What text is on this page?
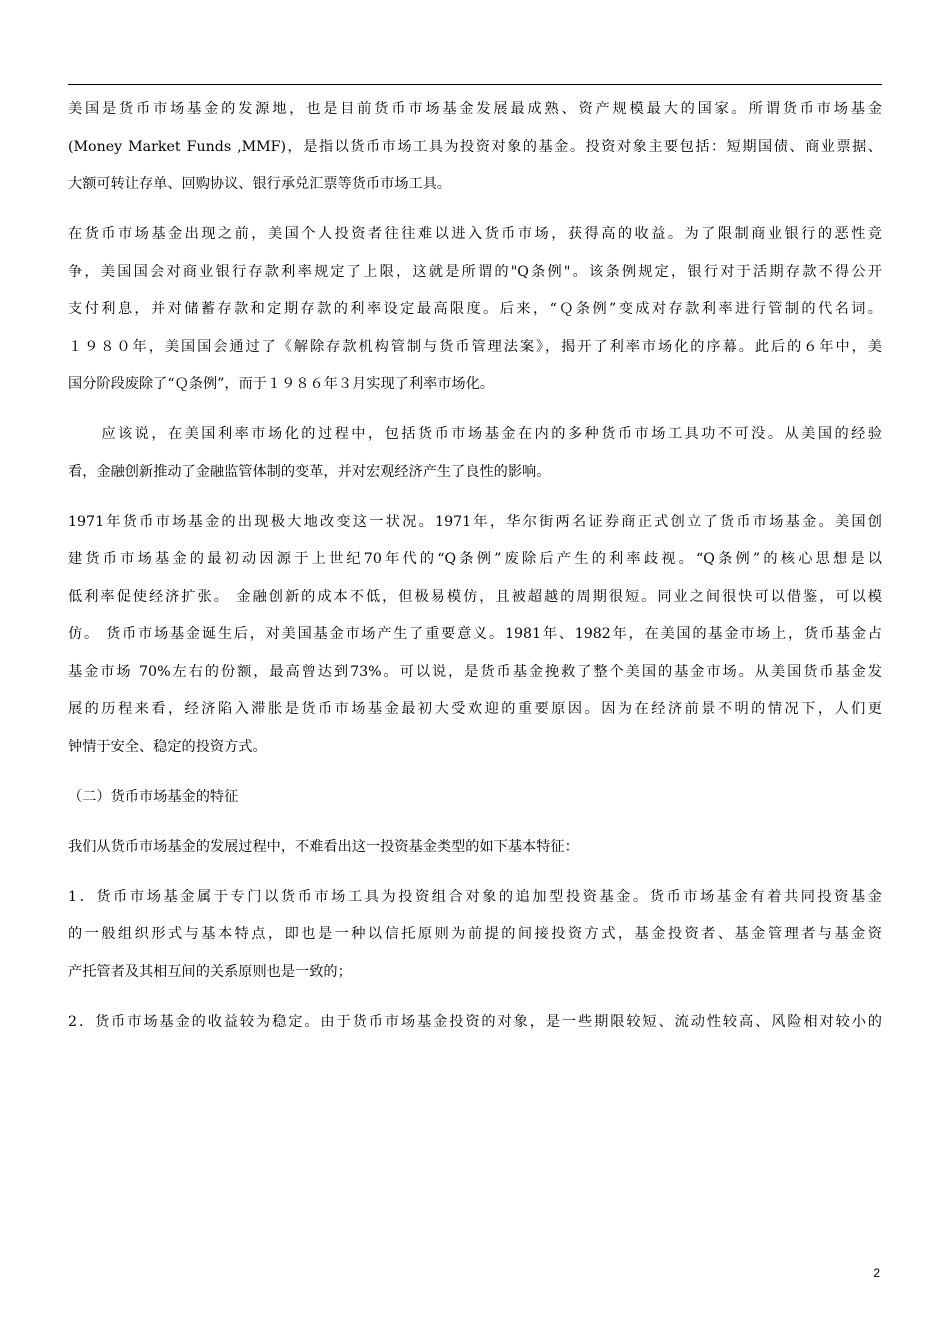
美国是货币市场基金的发源地，也是目前货币市场基金发展最成熟、资产规模最大的国家。所谓货币市场基金
(Money Market Funds ,MMF)，是指以货币市场工具为投资对象的基金。投资对象主要包括：短期国债、商业票据、
大额可转让存单、回购协议、银行承兑汇票等货币市场工具。
在货币市场基金出现之前，美国个人投资者往往难以进入货币市场，获得高的收益。为了限制商业银行的恶性竞
争，美国国会对商业银行存款利率规定了上限，这就是所谓的"Q条例"。该条例规定，银行对于活期存款不得公开
支付利息，并对储蓄存款和定期存款的利率设定最高限度。后来，“Ｑ条例”变成对存款利率进行管制的代名词。
１９８０年，美国国会通过了《解除存款机构管制与货币管理法案》，揭开了利率市场化的序幕。此后的６年中，美
国分阶段废除了“Ｑ条例”，而于１９８６年３月实现了利率市场化。
　　应该说，在美国利率市场化的过程中，包括货币市场基金在内的多种货币市场工具功不可没。从美国的经验
看，金融创新推动了金融监管体制的变革，并对宏观经济产生了良性的影响。
1971年货币市场基金的出现极大地改变这一状况。1971年，华尔街两名证券商正式创立了货币市场基金。美国创
建货币市场基金的最初动因源于上世纪70年代的“Q条例”废除后产生的利率歧视。“Q条例”的核心思想是以
低利率促使经济扩张。 金融创新的成本不低，但极易模仿，且被超越的周期很短。同业之间很快可以借鉴，可以模
仿。 货币市场基金诞生后，对美国基金市场产生了重要意义。1981年、1982年，在美国的基金市场上，货币基金占
基金市场 70%左右的份额，最高曾达到73%。可以说，是货币基金挽救了整个美国的基金市场。从美国货币基金发
展的历程来看，经济陷入滞胀是货币市场基金最初大受欢迎的重要原因。因为在经济前景不明的情况下，人们更
钟情于安全、稳定的投资方式。
（二）货币市场基金的特征
我们从货币市场基金的发展过程中，不难看出这一投资基金类型的如下基本特征：
1．货币市场基金属于专门以货币市场工具为投资组合对象的追加型投资基金。货币市场基金有着共同投资基金
的一般组织形式与基本特点，即也是一种以信托原则为前提的间接投资方式，基金投资者、基金管理者与基金资
产托管者及其相互间的关系原则也是一致的；
2．货币市场基金的收益较为稳定。由于货币市场基金投资的对象，是一些期限较短、流动性较高、风险相对较小的
2
